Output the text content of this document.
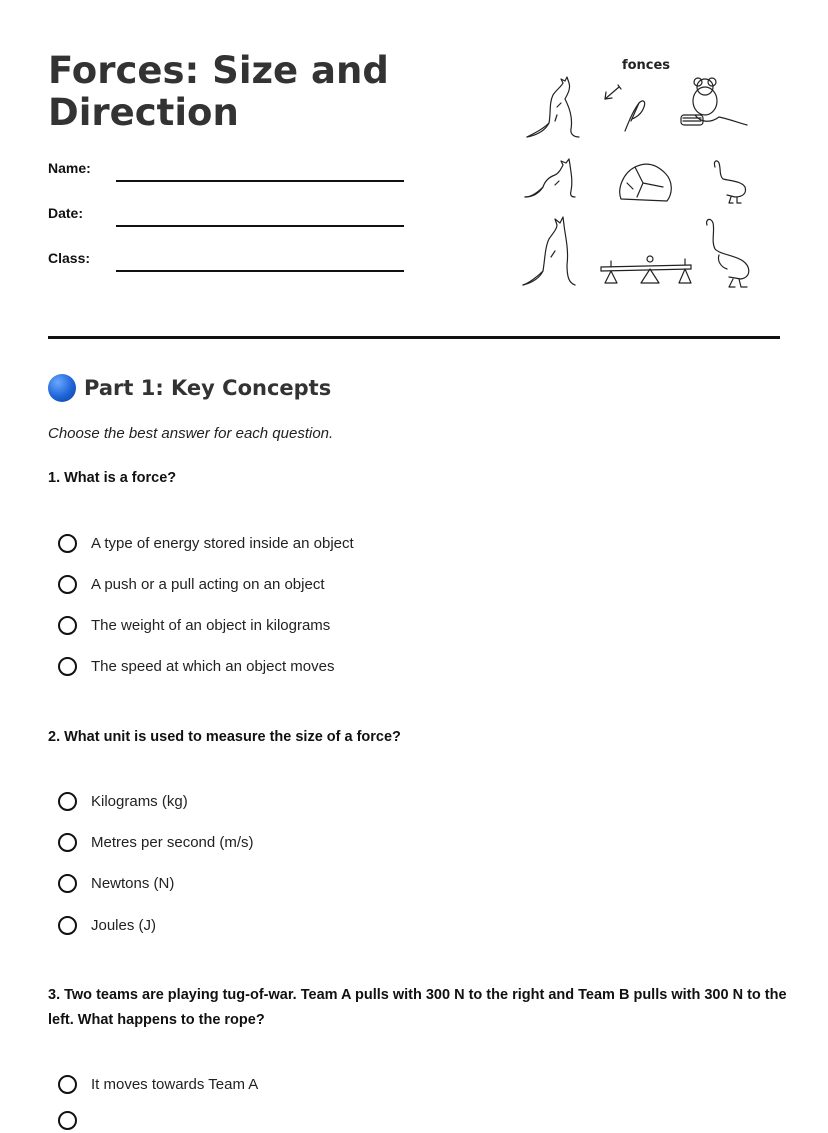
Forces: Size and Direction
Name:
Date:
Class:
fonces
Part 1: Key Concepts
Choose the best answer for each question.
1. What is a force?
A type of energy stored inside an object
A push or a pull acting on an object
The weight of an object in kilograms
The speed at which an object moves
2. What unit is used to measure the size of a force?
Kilograms (kg)
Metres per second (m/s)
Newtons (N)
Joules (J)
3. Two teams are playing tug-of-war. Team A pulls with 300 N to the right and Team B pulls with 300 N to the left. What happens to the rope?
It moves towards Team A
